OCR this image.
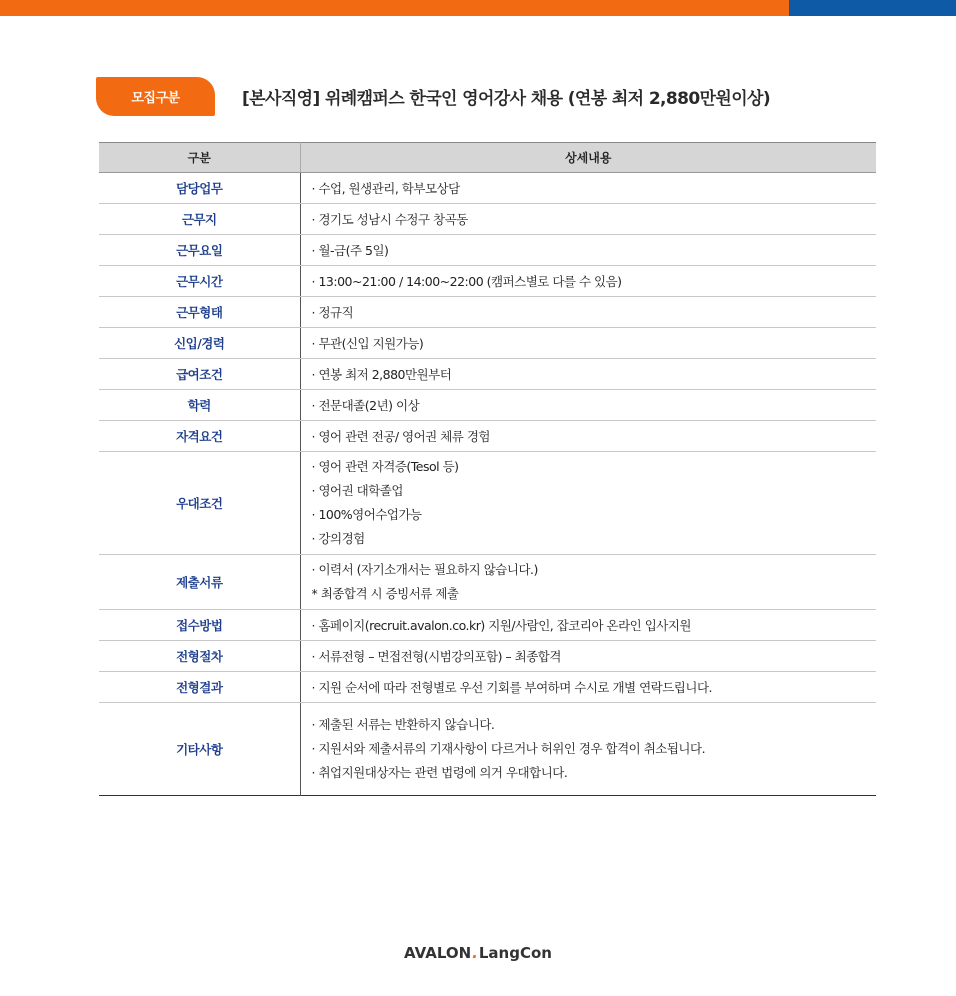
모집구분	[본사직영] 위례캠퍼스 한국인 영어강사 채용 (연봉 최저 2,880만원이상)
구분	상세내용
담당업무	· 수업, 원생관리, 학부모상담

근무지	· 경기도 성남시 수정구 창곡동

근무요일	· 월-금(주 5일)

근무시간	· 13:00~21:00 / 14:00~22:00 (캠퍼스별로 다를 수 있음)

근무형태	· 정규직

신입/경력	· 무관(신입 지원가능)

급여조건	· 연봉 최저 2,880만원부터

학력	· 전문대졸(2년) 이상

자격요건	· 영어 관련 전공/ 영어권 체류 경험

우대조건	· 영어 관련 자격증(Tesol 등)
· 영어권 대학졸업
· 100%영어수업가능
· 강의경험

제출서류	· 이력서 (자기소개서는 필요하지 않습니다.)
* 최종합격 시 증빙서류 제출

접수방법	· 홈페이지(recruit.avalon.co.kr) 지원/사람인, 잡코리아 온라인 입사지원

전형절차	· 서류전형 – 면접전형(시범강의포함) – 최종합격

전형결과	· 지원 순서에 따라 전형별로 우선 기회를 부여하며 수시로 개별 연락드립니다.

기타사항	· 제출된 서류는 반환하지 않습니다.
· 지원서와 제출서류의 기재사항이 다르거나 허위인 경우 합격이 취소됩니다.
· 취업지원대상자는 관련 법령에 의거 우대합니다.
AVALON.LangCon
